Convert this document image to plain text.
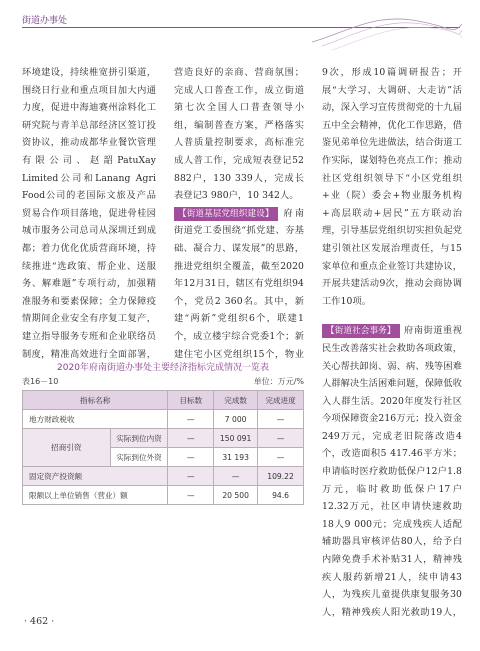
街道办事处

环境建设，持续椎宽拼引渠道，围绕日行业和重点项目加大内通力度，促进中海迪赛州涂料化工研究院与青羊总部经济区签订投资协议，推动成都华业餐饮管理有限公司、赵韶PatuXay Limited公司和Lanang Agri Food公司的老国际文旅及产品贸易合作项目落地，促进骨桂园城市服务公司总司从深圳迁到成都；着力优化优质营商环境，持续推进“选政策、帮企业、送服务、解难题”专项行动，加强精准服务和要素保障；全力保障疫情期间企业安全有序复工复产，建立指导服务专班和企业联络员制度，精准高效进行全面部署，

营造良好的亲商、营商氛围；完成人口普查工作，成立街道第七次全国人口普查领导小组，编制普查方案，严格落实人普质量控制要求，高标准完成人普工作，完成短表登记52 882户，130 339人，完成长表登记3 980户，10 342人。

【街道基层党组织建设】 府南街道党工委围绕“抓党建、夯基础、凝合力、谋发展”的思路，推进党组织全覆盖，截至2020年12月31日，辖区有党组织94个，党员2 360名。其中，新建“两新”党组织6个，联建1个，成立楼宇综合党委1个；新建住宅小区党组织15个，物业

9次，形成10篇调研报告；开展“大学习、大调研、大走访”活动，深入学习宣传贯彻党的十九届五中全会精神，优化工作思路，借鉴见弟单位先进做法，结合街道工作实际，谋划特色亮点工作；推动社区党组织领导下“小区党组织+业（院）委会+物业服务机构+高层联动+居民”五方联动治理，引导基层党组织切实担负起党建引领社区发展治理责任，与15家单位和重点企业签订共建协议，开展共建活动9次，推动会商协调工作10项。

【街道社会事务】 府南街道重视民生改善落实社会救助各项政策，关心帮扶卸岗、弱、病、残等困难人群解决生活困难问题，保障低收入人群生活。2020年度发行社区今项保障资金216万元；投入资金249万元，完成老旧院落改造4个，改造面积5 417.46平方米；申请临时医疗救助低保户12户1.8万元，临时救助低保户17户12.32万元，社区申请快速救助18人9 000元；完成残疾人适配辅助器具审核评估80人，给予白内障免费手术补贴31人，精神残疾人服药新增21人，续申请43人，为残疾儿童提供康复服务30人，精神残疾人阳光救助19人，

2020年府南街道办事处主要经济指标完成情况一览表
表16－10	单位：万元/%
指标名称		目标数	完成数	完成进度
地方财政税收		—	7 000	—
招商引资	实际到位内资	—	150 091	—
	实际到位外资	—	31 193	—
固定资产投资额		—	—	109.22
限额以上单位销售（营业）额		—	20 500	94.6
· 462 ·
